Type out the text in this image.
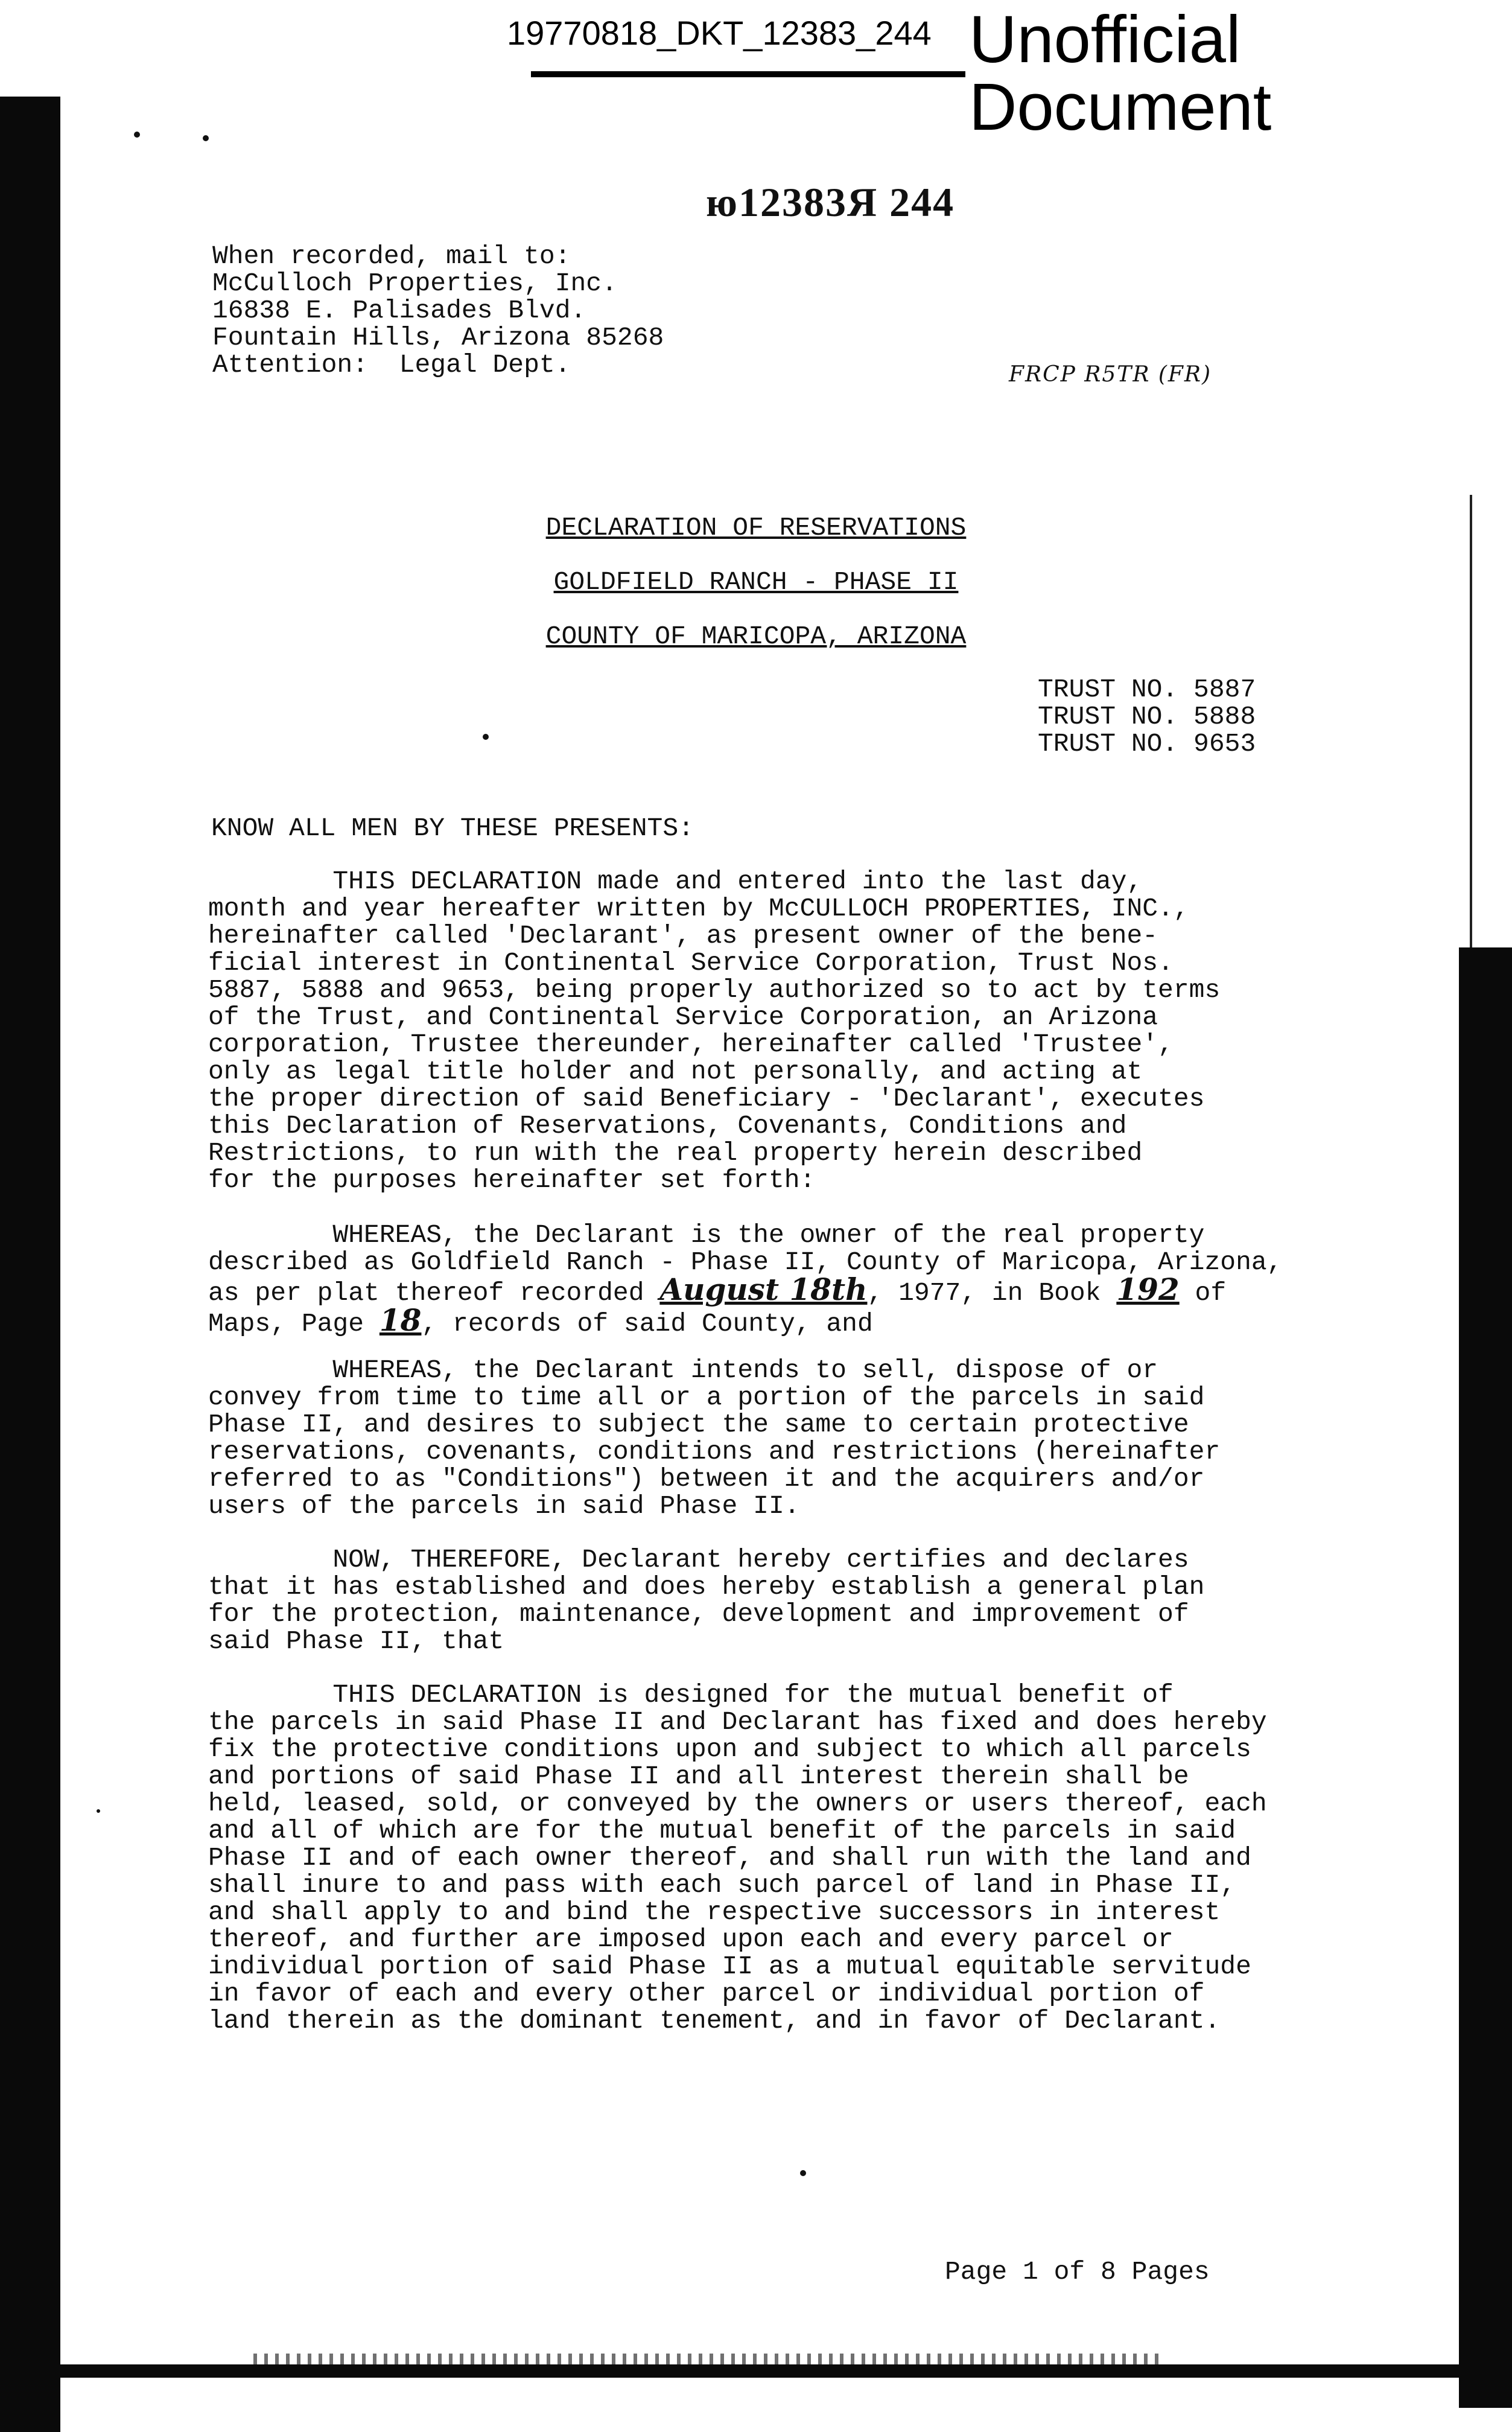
19770818_DKT_12383_244 Unofficial
Document
ю12383Я 244
FRCP R5TR (FR)
When recorded, mail to:
McCulloch Properties, Inc.
16838 E. Palisades Blvd.
Fountain Hills, Arizona 85268
Attention:  Legal Dept.
DECLARATION OF RESERVATIONS
GOLDFIELD RANCH - PHASE II
COUNTY OF MARICOPA, ARIZONA
TRUST NO. 5887
TRUST NO. 5888
TRUST NO. 9653
KNOW ALL MEN BY THESE PRESENTS:
THIS DECLARATION made and entered into the last day,
month and year hereafter written by McCULLOCH PROPERTIES, INC.,
hereinafter called 'Declarant', as present owner of the bene-
ficial interest in Continental Service Corporation, Trust Nos.
5887, 5888 and 9653, being properly authorized so to act by terms
of the Trust, and Continental Service Corporation, an Arizona
corporation, Trustee thereunder, hereinafter called 'Trustee',
only as legal title holder and not personally, and acting at
the proper direction of said Beneficiary - 'Declarant', executes
this Declaration of Reservations, Covenants, Conditions and
Restrictions, to run with the real property herein described
for the purposes hereinafter set forth:
WHEREAS, the Declarant is the owner of the real property
described as Goldfield Ranch - Phase II, County of Maricopa, Arizona,
as per plat thereof recorded August 18th, 1977, in Book 192 of
Maps, Page 18, records of said County, and
WHEREAS, the Declarant intends to sell, dispose of or
convey from time to time all or a portion of the parcels in said
Phase II, and desires to subject the same to certain protective
reservations, covenants, conditions and restrictions (hereinafter
referred to as "Conditions") between it and the acquirers and/or
users of the parcels in said Phase II.
NOW, THEREFORE, Declarant hereby certifies and declares
that it has established and does hereby establish a general plan
for the protection, maintenance, development and improvement of
said Phase II, that
THIS DECLARATION is designed for the mutual benefit of
the parcels in said Phase II and Declarant has fixed and does hereby
fix the protective conditions upon and subject to which all parcels
and portions of said Phase II and all interest therein shall be
held, leased, sold, or conveyed by the owners or users thereof, each
and all of which are for the mutual benefit of the parcels in said
Phase II and of each owner thereof, and shall run with the land and
shall inure to and pass with each such parcel of land in Phase II,
and shall apply to and bind the respective successors in interest
thereof, and further are imposed upon each and every parcel or
individual portion of said Phase II as a mutual equitable servitude
in favor of each and every other parcel or individual portion of
land therein as the dominant tenement, and in favor of Declarant.
Page 1 of 8 Pages
